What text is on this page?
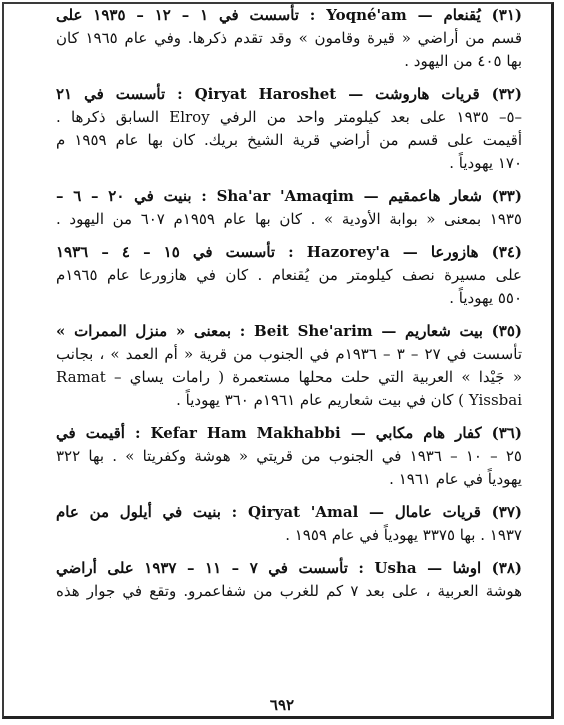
(٣١) يُقنعام — Yoqné'am : تأسست في ١ – ١٢ – ١٩٣٥ على
قسم من أراضي « قيرة وقامون » وقد تقدم ذكرها. وفي عام ١٩٦٥ كان
بها ٤٠٥ من اليهود .
(٣٢) قريات هاروشت — Qiryat Haroshet : تأسست في ٢١
–٥– ١٩٣٥ على بعد كيلومتر واحد من الرفي Elroy السابق ذكرها .
أقيمت على قسم من أراضي قرية الشيخ بريك. كان بها عام ١٩٥٩ م
١٧٠ يهودياً .
(٣٣) شعار هاعمقيم — Sha'ar 'Amaqim : بنيت في ٢٠ – ٦ –
١٩٣٥ بمعنى « بوابة الأودية » . كان بها عام ١٩٥٩م ٦٠٧ من اليهود .
(٣٤) هازورعا — Hazorey'a : تأسست في ١٥ – ٤ – ١٩٣٦
على مسيرة نصف كيلومتر من يُقنعام . كان في هازورعا عام ١٩٦٥م
٥٥٠ يهودياً .
(٣٥) بيت شعاريم — Beit She'arim : بمعنى « منزل الممرات »
تأسست في ٢٧ – ٣ – ١٩٣٦م في الجنوب من قرية « أم العمد » ، بجانب
« جَيْدا » العربية التي حلت محلها مستعمرة ( رامات يساي – Ramat
Yissbai ) كان في بيت شعاريم عام ١٩٦١م ٣٦٠ يهودياً .
(٣٦) كفار هام مكابي — Kefar Ham Makhabbi : أقيمت في
٢٥ – ١٠ – ١٩٣٦ في الجنوب من قريتي « هوشة وكفريتا » . بها ٣٢٢
يهودياً في عام ١٩٦١ .
(٣٧) قريات عامال — Qiryat 'Amal : بنيت في أيلول من عام
١٩٣٧ . بها ٣٣٧٥ يهودياً في عام ١٩٥٩ .
(٣٨) اوشا — Usha : تأسست في ٧ – ١١ – ١٩٣٧ على أراضي
هوشة العربية ، على بعد ٧ كم للغرب من شفاعمرو. وتقع في جوار هذه
٦٩٢
